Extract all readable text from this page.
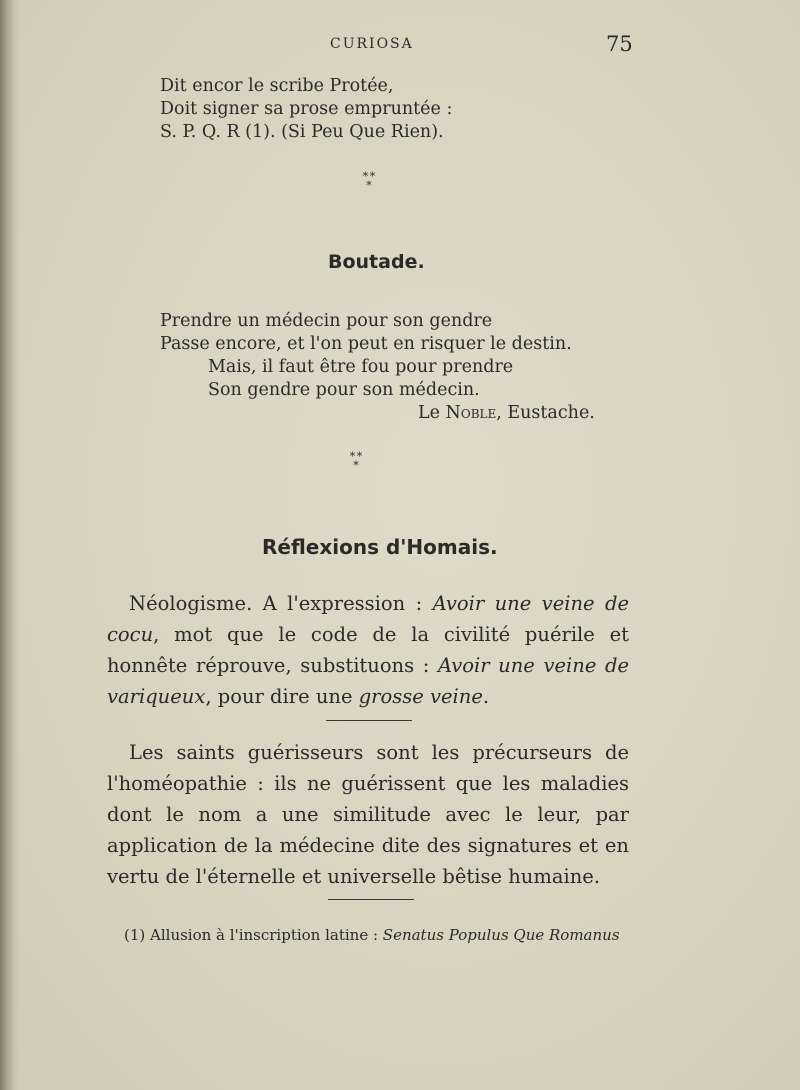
CURIOSA	75
Dit encor le scribe Protée,
Doit signer sa prose empruntée :
S. P. Q. R (1). (Si Peu Que Rien).
* * *
Boutade.
Prendre un médecin pour son gendre
Passe encore, et l'on peut en risquer le destin.
Mais, il faut être fou pour prendre
Son gendre pour son médecin.
Le Noble, Eustache.
* * *
Réflexions d'Homais.

Néologisme. A l'expression : Avoir une veine de cocu, mot que le code de la civilité puérile et honnête réprouve, substituons : Avoir une veine de variqueux, pour dire une grosse veine.

Les saints guérisseurs sont les précurseurs de l'homéopathie : ils ne guérissent que les maladies dont le nom a une similitude avec le leur, par application de la médecine dite des signatures et en vertu de l'éternelle et universelle bêtise humaine.

(1) Allusion à l'inscription latine : Senatus Populus Que Romanus
